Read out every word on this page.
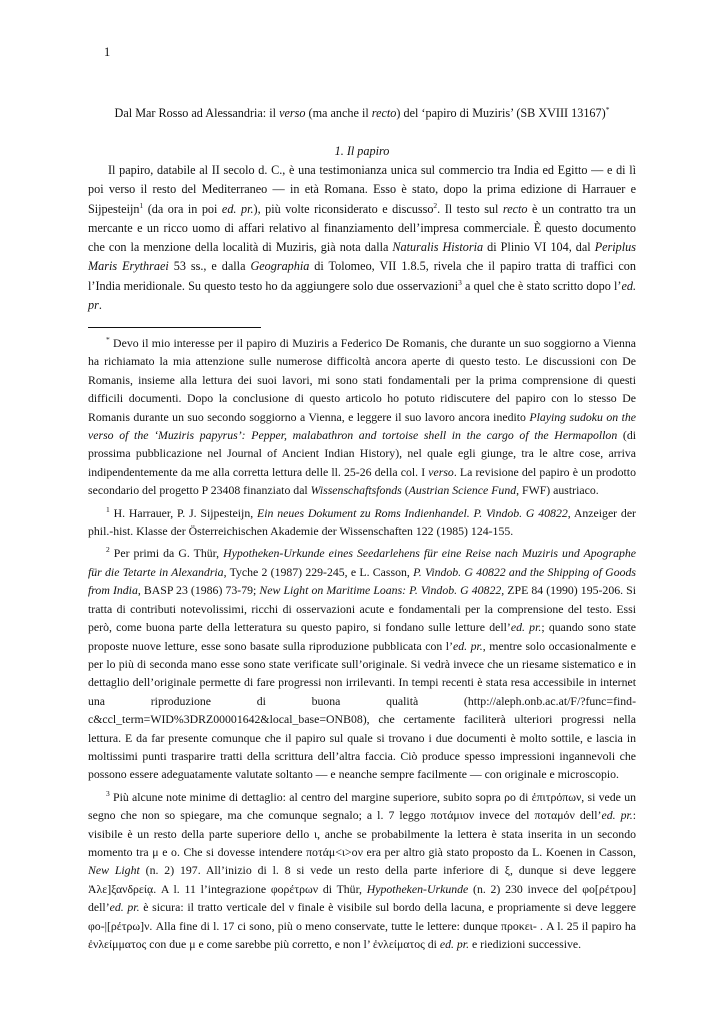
1
Dal Mar Rosso ad Alessandria: il verso (ma anche il recto) del ‘papiro di Muziris’ (SB XVIII 13167)*
1. Il papiro

Il papiro, databile al II secolo d. C., è una testimonianza unica sul commercio tra India ed Egitto — e di lì poi verso il resto del Mediterraneo — in età Romana. Esso è stato, dopo la prima edizione di Harrauer e Sijpesteijn$^1$ (da ora in poi ed. pr.), più volte riconsiderato e discusso$^2$. Il testo sul recto è un contratto tra un mercante e un ricco uomo di affari relativo al finanziamento dell’impresa commerciale. È questo documento che con la menzione della località di Muziris, già nota dalla Naturalis Historia di Plinio VI 104, dal Periplus Maris Erythraei 53 ss., e dalla Geographia di Tolomeo, VII 1.8.5, rivela che il papiro tratta di traffici con l’India meridionale. Su questo testo ho da aggiungere solo due osservazioni$^3$ a quel che è stato scritto dopo l’ed. pr.

* Devo il mio interesse per il papiro di Muziris a Federico De Romanis, che durante un suo soggiorno a Vienna ha richiamato la mia attenzione sulle numerose difficoltà ancora aperte di questo testo. Le discussioni con De Romanis, insieme alla lettura dei suoi lavori, mi sono stati fondamentali per la prima comprensione di questi difficili documenti. Dopo la conclusione di questo articolo ho potuto ridiscutere del papiro con lo stesso De Romanis durante un suo secondo soggiorno a Vienna, e leggere il suo lavoro ancora inedito Playing sudoku on the verso of the ‘Muziris papyrus’: Pepper, malabathron and tortoise shell in the cargo of the Hermapollon (di prossima pubblicazione nel Journal of Ancient Indian History), nel quale egli giunge, tra le altre cose, arriva indipendentemente da me alla corretta lettura delle ll. 25-26 della col. I verso. La revisione del papiro è un prodotto secondario del progetto P 23408 finanziato dal Wissenschaftsfonds (Austrian Science Fund, FWF) austriaco.

$^1$ H. Harrauer, P. J. Sijpesteijn, Ein neues Dokument zu Roms Indienhandel. P. Vindob. G 40822, Anzeiger der phil.-hist. Klasse der Österreichischen Akademie der Wissenschaften 122 (1985) 124-155.

$^2$ Per primi da G. Thür, Hypotheken-Urkunde eines Seedarlehens für eine Reise nach Muziris und Apographe für die Tetarte in Alexandria, Tyche 2 (1987) 229-245, e L. Casson, P. Vindob. G 40822 and the Shipping of Goods from India, BASP 23 (1986) 73-79; New Light on Maritime Loans: P. Vindob. G 40822, ZPE 84 (1990) 195-206. Si tratta di contributi notevolissimi, ricchi di osservazioni acute e fondamentali per la comprensione del testo. Essi però, come buona parte della letteratura su questo papiro, si fondano sulle letture dell’ed. pr.; quando sono state proposte nuove letture, esse sono basate sulla riproduzione pubblicata con l’ed. pr., mentre solo occasionalmente e per lo più di seconda mano esse sono state verificate sull’originale. Si vedrà invece che un riesame sistematico e in dettaglio dell’originale permette di fare progressi non irrilevanti. In tempi recenti è stata resa accessibile in internet una riproduzione di buona qualità (http://aleph.onb.ac.at/F/?func=find-c&ccl_term=WID%3DRZ00001642&local_base=ONB08), che certamente faciliterà ulteriori progressi nella lettura. E da far presente comunque che il papiro sul quale si trovano i due documenti è molto sottile, e lascia in moltissimi punti trasparire tratti della scrittura dell’altra faccia. Ciò produce spesso impressioni ingannevoli che possono essere adeguatamente valutate soltanto — e neanche sempre facilmente — con originale e microscopio.

$^3$ Più alcune note minime di dettaglio: al centro del margine superiore, subito sopra ρο di ἐπιτρόπων, si vede un segno che non so spiegare, ma che comunque segnalo; a l. 7 leggo ποτάμιον invece del ποταμόν dell’ed. pr.: visibile è un resto della parte superiore dello ι, anche se probabilmente la lettera è stata inserita in un secondo momento tra μ e ο. Che si dovesse intendere ποτάμ<ι>ον era per altro già stato proposto da L. Koenen in Casson, New Light (n. 2) 197. All’inizio di l. 8 si vede un resto della parte inferiore di ξ, dunque si deve leggere Ἀλε]ξανδρείᾳ. A l. 11 l’integrazione φορέτρων di Thür, Hypotheken-Urkunde (n. 2) 230 invece del φο[ρέτρου] dell’ed. pr. è sicura: il tratto verticale del ν finale è visibile sul bordo della lacuna, e propriamente si deve leggere φο-|[ρέτρω]ν. Alla fine di l. 17 ci sono, più o meno conservate, tutte le lettere: dunque προκει- . A l. 25 il papiro ha ἐνλείμματος con due μ e come sarebbe più corretto, e non l’ ἐνλείματος di ed. pr. e riedizioni successive.
